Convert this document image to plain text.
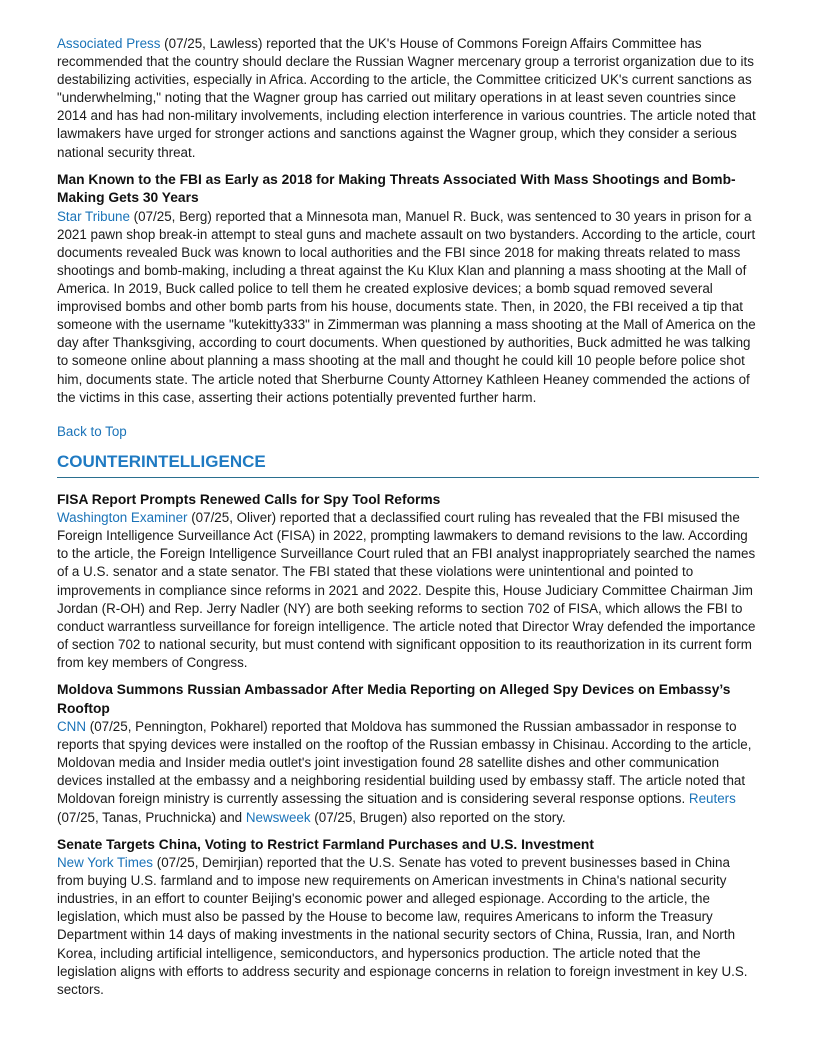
Associated Press (07/25, Lawless) reported that the UK's House of Commons Foreign Affairs Committee has recommended that the country should declare the Russian Wagner mercenary group a terrorist organization due to its destabilizing activities, especially in Africa. According to the article, the Committee criticized UK's current sanctions as "underwhelming," noting that the Wagner group has carried out military operations in at least seven countries since 2014 and has had non-military involvements, including election interference in various countries. The article noted that lawmakers have urged for stronger actions and sanctions against the Wagner group, which they consider a serious national security threat.

Man Known to the FBI as Early as 2018 for Making Threats Associated With Mass Shootings and Bomb-Making Gets 30 Years

Star Tribune (07/25, Berg) reported that a Minnesota man, Manuel R. Buck, was sentenced to 30 years in prison for a 2021 pawn shop break-in attempt to steal guns and machete assault on two bystanders. According to the article, court documents revealed Buck was known to local authorities and the FBI since 2018 for making threats related to mass shootings and bomb-making, including a threat against the Ku Klux Klan and planning a mass shooting at the Mall of America. In 2019, Buck called police to tell them he created explosive devices; a bomb squad removed several improvised bombs and other bomb parts from his house, documents state. Then, in 2020, the FBI received a tip that someone with the username "kutekitty333" in Zimmerman was planning a mass shooting at the Mall of America on the day after Thanksgiving, according to court documents. When questioned by authorities, Buck admitted he was talking to someone online about planning a mass shooting at the mall and thought he could kill 10 people before police shot him, documents state. The article noted that Sherburne County Attorney Kathleen Heaney commended the actions of the victims in this case, asserting their actions potentially prevented further harm.

Back to Top
COUNTERINTELLIGENCE
FISA Report Prompts Renewed Calls for Spy Tool Reforms

Washington Examiner (07/25, Oliver) reported that a declassified court ruling has revealed that the FBI misused the Foreign Intelligence Surveillance Act (FISA) in 2022, prompting lawmakers to demand revisions to the law. According to the article, the Foreign Intelligence Surveillance Court ruled that an FBI analyst inappropriately searched the names of a U.S. senator and a state senator. The FBI stated that these violations were unintentional and pointed to improvements in compliance since reforms in 2021 and 2022. Despite this, House Judiciary Committee Chairman Jim Jordan (R-OH) and Rep. Jerry Nadler (NY) are both seeking reforms to section 702 of FISA, which allows the FBI to conduct warrantless surveillance for foreign intelligence. The article noted that Director Wray defended the importance of section 702 to national security, but must contend with significant opposition to its reauthorization in its current form from key members of Congress.

Moldova Summons Russian Ambassador After Media Reporting on Alleged Spy Devices on Embassy’s Rooftop

CNN (07/25, Pennington, Pokharel) reported that Moldova has summoned the Russian ambassador in response to reports that spying devices were installed on the rooftop of the Russian embassy in Chisinau. According to the article, Moldovan media and Insider media outlet's joint investigation found 28 satellite dishes and other communication devices installed at the embassy and a neighboring residential building used by embassy staff. The article noted that Moldovan foreign ministry is currently assessing the situation and is considering several response options. Reuters (07/25, Tanas, Pruchnicka) and Newsweek (07/25, Brugen) also reported on the story.

Senate Targets China, Voting to Restrict Farmland Purchases and U.S. Investment

New York Times (07/25, Demirjian) reported that the U.S. Senate has voted to prevent businesses based in China from buying U.S. farmland and to impose new requirements on American investments in China's national security industries, in an effort to counter Beijing's economic power and alleged espionage. According to the article, the legislation, which must also be passed by the House to become law, requires Americans to inform the Treasury Department within 14 days of making investments in the national security sectors of China, Russia, Iran, and North Korea, including artificial intelligence, semiconductors, and hypersonics production. The article noted that the legislation aligns with efforts to address security and espionage concerns in relation to foreign investment in key U.S. sectors.
